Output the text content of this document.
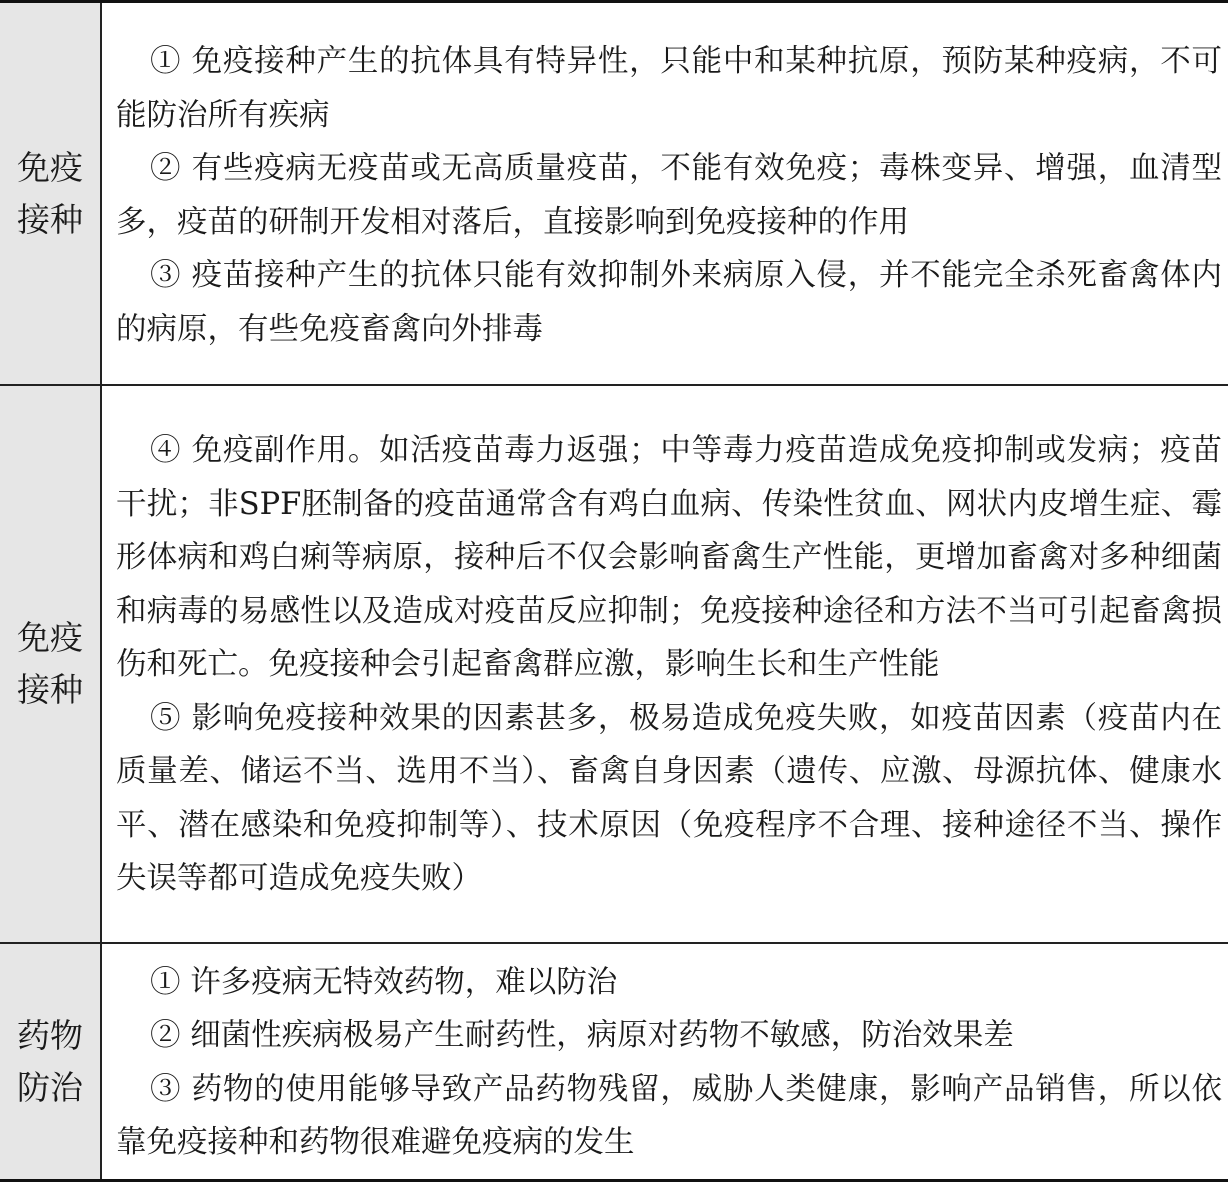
免疫接种

① 免疫接种产生的抗体具有特异性，只能中和某种抗原，预防某种疫病，不可能防治所有疾病

② 有些疫病无疫苗或无高质量疫苗，不能有效免疫；毒株变异、增强，血清型多，疫苗的研制开发相对落后，直接影响到免疫接种的作用

③ 疫苗接种产生的抗体只能有效抑制外来病原入侵，并不能完全杀死畜禽体内的病原，有些免疫畜禽向外排毒

免疫接种

④ 免疫副作用。如活疫苗毒力返强；中等毒力疫苗造成免疫抑制或发病；疫苗干扰；非SPF胚制备的疫苗通常含有鸡白血病、传染性贫血、网状内皮增生症、霉形体病和鸡白痢等病原，接种后不仅会影响畜禽生产性能，更增加畜禽对多种细菌和病毒的易感性以及造成对疫苗反应抑制；免疫接种途径和方法不当可引起畜禽损伤和死亡。免疫接种会引起畜禽群应激，影响生长和生产性能

⑤ 影响免疫接种效果的因素甚多，极易造成免疫失败，如疫苗因素（疫苗内在质量差、储运不当、选用不当）、畜禽自身因素（遗传、应激、母源抗体、健康水平、潜在感染和免疫抑制等）、技术原因（免疫程序不合理、接种途径不当、操作失误等都可造成免疫失败）

药物防治

① 许多疫病无特效药物，难以防治

② 细菌性疾病极易产生耐药性，病原对药物不敏感，防治效果差

③ 药物的使用能够导致产品药物残留，威胁人类健康，影响产品销售，所以依靠免疫接种和药物很难避免疫病的发生
